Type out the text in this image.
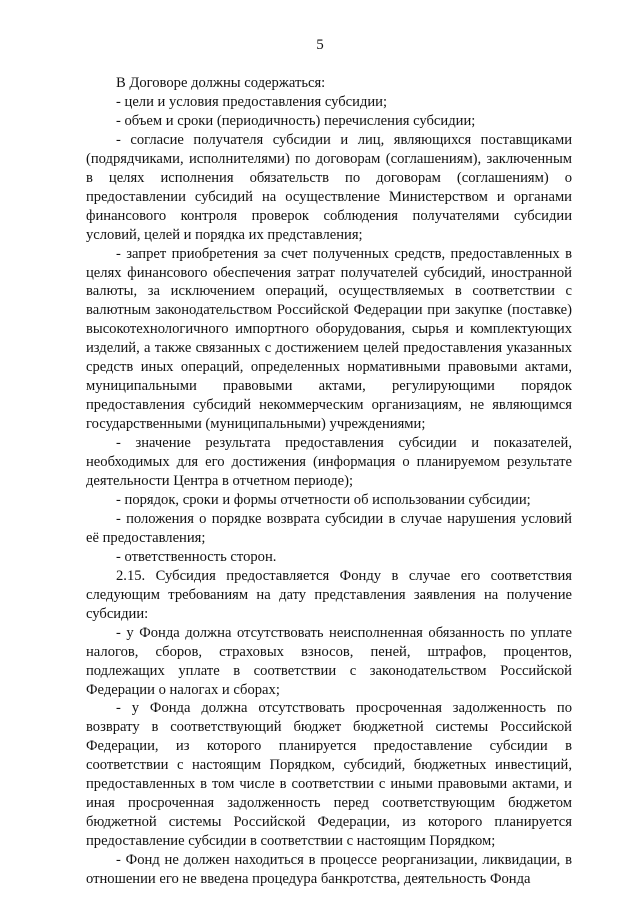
5

В Договоре должны содержаться:

- цели и условия предоставления субсидии;

- объем и сроки (периодичность) перечисления субсидии;

- согласие получателя субсидии и лиц, являющихся поставщиками (подрядчиками, исполнителями) по договорам (соглашениям), заключенным в целях исполнения обязательств по договорам (соглашениям) о предоставлении субсидий на осуществление Министерством и органами финансового контроля проверок соблюдения получателями субсидии условий, целей и порядка их представления;

- запрет приобретения за счет полученных средств, предоставленных в целях финансового обеспечения затрат получателей субсидий, иностранной валюты, за исключением операций, осуществляемых в соответствии с валютным законодательством Российской Федерации при закупке (поставке) высокотехнологичного импортного оборудования, сырья и комплектующих изделий, а также связанных с достижением целей предоставления указанных средств иных операций, определенных нормативными правовыми актами, муниципальными правовыми актами, регулирующими порядок предоставления субсидий некоммерческим организациям, не являющимся государственными (муниципальными) учреждениями;

- значение результата предоставления субсидии и показателей, необходимых для его достижения (информация о планируемом результате деятельности Центра в отчетном периоде);

- порядок, сроки и формы отчетности об использовании субсидии;

- положения о порядке возврата субсидии в случае нарушения условий её предоставления;

- ответственность сторон.

2.15. Субсидия предоставляется Фонду в случае его соответствия следующим требованиям на дату представления заявления на получение субсидии:

- у Фонда должна отсутствовать неисполненная обязанность по уплате налогов, сборов, страховых взносов, пеней, штрафов, процентов, подлежащих уплате в соответствии с законодательством Российской Федерации о налогах и сборах;

- у Фонда должна отсутствовать просроченная задолженность по возврату в соответствующий бюджет бюджетной системы Российской Федерации, из которого планируется предоставление субсидии в соответствии с настоящим Порядком, субсидий, бюджетных инвестиций, предоставленных в том числе в соответствии с иными правовыми актами, и иная просроченная задолженность перед соответствующим бюджетом бюджетной системы Российской Федерации, из которого планируется предоставление субсидии в соответствии с настоящим Порядком;

- Фонд не должен находиться в процессе реорганизации, ликвидации, в отношении его не введена процедура банкротства, деятельность Фонда
